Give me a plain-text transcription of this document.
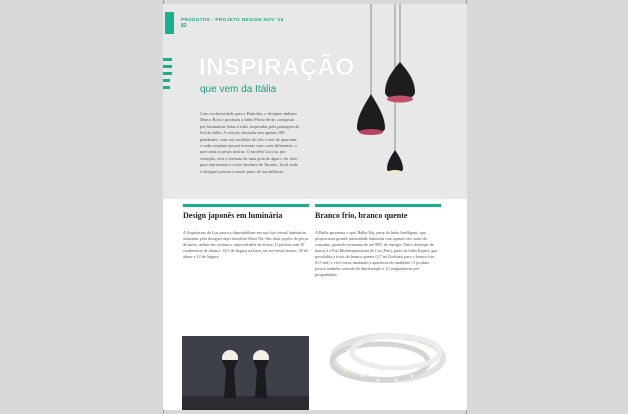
PRODUTOS · PROJETO DESIGN NOV '15
82
INSPIRAÇÃO
que vem da Itália
Com exclusividade para a Pantolux, o designer italiano Marco Rosco produziu a linha Prima Serie, composta por luminárias feitas à mão, inspiradas pela paisagem do Sul da Itália. A coleção limitada tem apenas 100 pendentes, com seis modelos de três e sete de quarenta, e cada conjunto possui texturas com cores diferentes, o que torna as peças únicas. O modelo Goccia, por exemplo, tem o formato de uma gota de água e foi feito para representar a costa litorânea de Taranto, local onde o designer passou a maior parte de sua infância.
Design japonês em luminária
A Arquitetura da Luz passa a disponibilizar em sua loja virtual luminárias assinadas pela designer nipo brasileira Kimi Nii. São duas opções de peças de mesa, ambas em cerâmica, especialidade da artista. O produto tem 35 centímetros de altura e 13,5 de largura na base, ou, na versão menor, 30 de altura e 12 de largura.
Branco frio, branco quente
A Brilia apresenta o spot Balbo Eiq, parte da linha Intelligent, que proporciona grande intensidade luminosa com apenas seis watts de consumo, gerando economia de até 88% de energia. Outro destaque da marca é a Fita Multitemperatura de Cor (Fmt), parte da linha Expert, que possibilita a troca do branco quente (2,7 mil kelvins) para o branco frio (6,5 mil) e vice-versa, mudando a aparência do ambiente. O produto possui também controle de dimerização e 12 temperaturas pré-programadas.
